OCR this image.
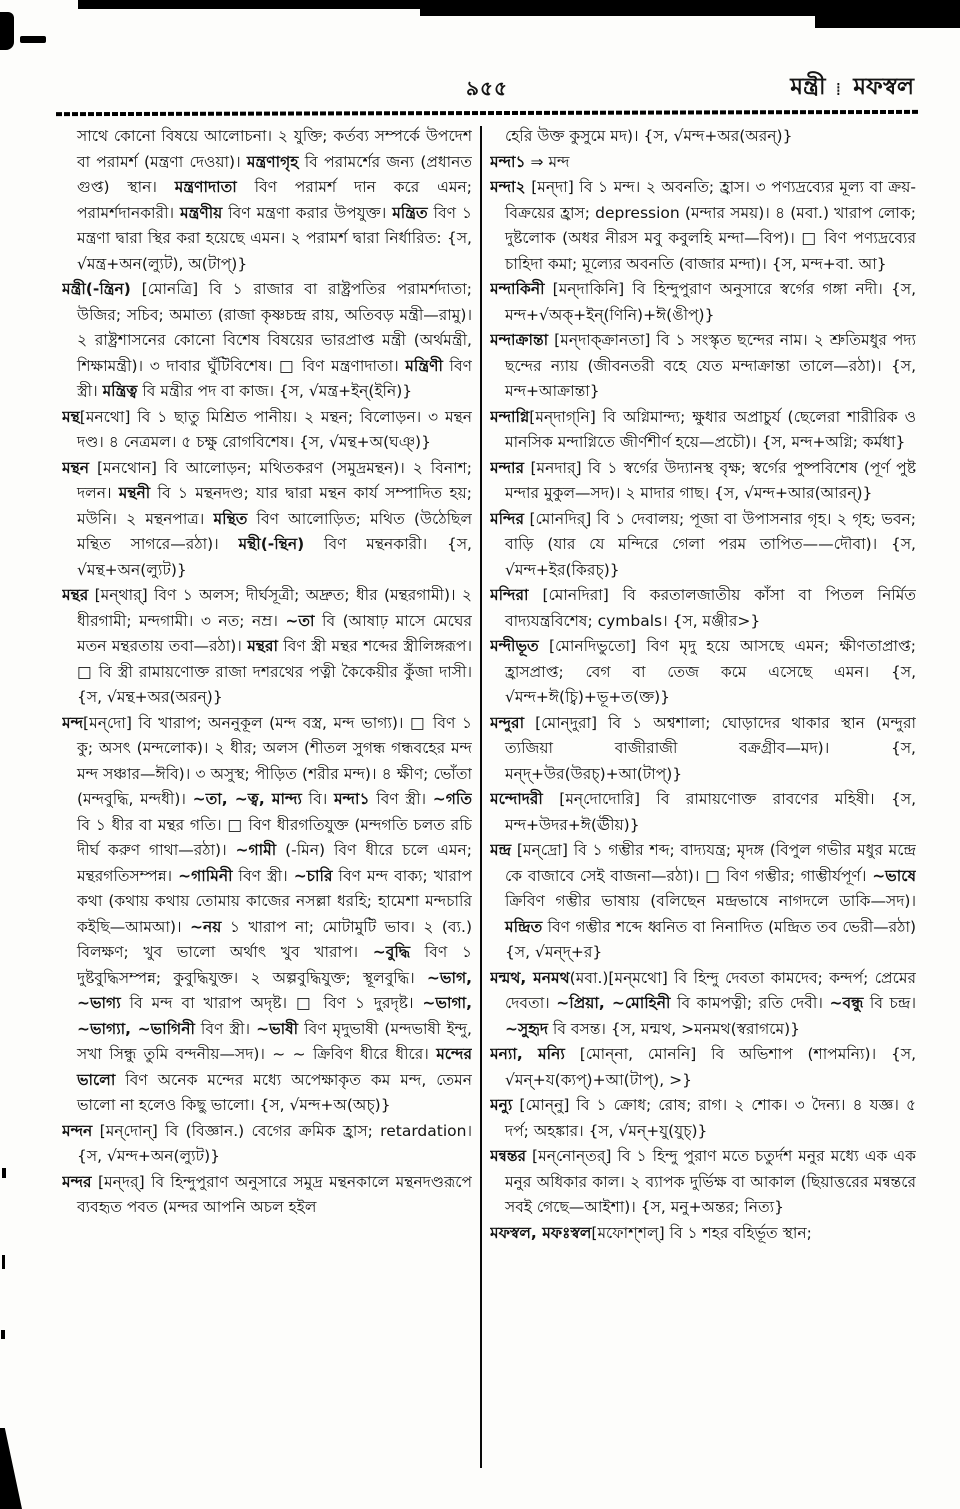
৯৫৫	মন্ত্রী ⁞ মফস্বল

সাথে কোনো বিষয়ে আলোচনা। ২ যুক্তি; কর্তব্য সম্পর্কে উপদেশ বা পরামর্শ (মন্ত্রণা দেওয়া)। মন্ত্রণাগৃহ বি পরামর্শের জন্য (প্রধানত গুপ্ত) স্থান। মন্ত্রণাদাতা বিণ পরামর্শ দান করে এমন; পরামর্শদানকারী। মন্ত্রণীয় বিণ মন্ত্রণা করার উপযুক্ত। মন্ত্রিত বিণ ১ মন্ত্রণা দ্বারা স্থির করা হয়েছে এমন। ২ পরামর্শ দ্বারা নির্ধারিত: {স, √মন্ত্র+অন(ল্যুট), অ(টাপ্)}

মন্ত্রী(-ন্ত্রিন) [মোনত্রি] বি ১ রাজার বা রাষ্ট্রপতির পরামর্শদাতা; উজির; সচিব; অমাত্য (রাজা কৃষ্ণচন্দ্র রায়, অতিবড় মন্ত্রী—রামু)। ২ রাষ্ট্রশাসনের কোনো বিশেষ বিষয়ের ভারপ্রাপ্ত মন্ত্রী (অর্থমন্ত্রী, শিক্ষামন্ত্রী)। ৩ দাবার ঘুঁটিবিশেষ। □ বিণ মন্ত্রণাদাতা। মন্ত্রিণী বিণ স্ত্রী। মন্ত্রিত্ব বি মন্ত্রীর পদ বা কাজ। {স, √মন্ত্র+ইন্(ইনি)}

মন্থ[মনথো] বি ১ ছাতু মিশ্রিত পানীয়। ২ মন্থন; বিলোড়ন। ৩ মন্থন দণ্ড। ৪ নেত্রমল। ৫ চক্ষু রোগবিশেষ। {স, √মন্থ+অ(ঘঞ্)}

মন্থন [মনথোন] বি আলোড়ন; মথিতকরণ (সমুদ্রমন্থন)। ২ বিনাশ; দলন। মন্থনী বি ১ মন্থনদণ্ড; যার দ্বারা মন্থন কার্য সম্পাদিত হয়; মউনি। ২ মন্থনপাত্র। মন্থিত বিণ আলোড়িত; মথিত (উঠেছিল মন্থিত সাগরে—রঠা)। মন্থী(-ন্থিন) বিণ মন্থনকারী। {স, √মন্থ+অন(ল্যুট)}

মন্থর [মন্‌থার্] বিণ ১ অলস; দীর্ঘসূত্রী; অদ্রুত; ধীর (মন্থরগামী)। ২ ধীরগামী; মন্দগামী। ৩ নত; নম্র। ~তা বি (আষাঢ় মাসে মেঘের মতন মন্থরতায় তবা—রঠা)। মন্থরা বিণ স্ত্রী মন্থর শব্দের স্ত্রীলিঙ্গরূপ। □ বি স্ত্রী রামায়ণোক্ত রাজা দশরথের পত্নী কৈকেয়ীর কুঁজা দাসী। {স, √মন্থ+অর(অরন্)}

মন্দ[মন্‌দো] বি খারাপ; অননুকূল (মন্দ বস্ত্র, মন্দ ভাগ্য)। □ বিণ ১ কু; অসৎ (মন্দলোক)। ২ ধীর; অলস (শীতল সুগন্ধ গন্ধবহের মন্দ মন্দ সঞ্চার—ঈবি)। ৩ অসুস্থ; পীড়িত (শরীর মন্দ)। ৪ ক্ষীণ; ভোঁতা (মন্দবুদ্ধি, মন্দধী)। ~তা, ~ত্ব, মান্দ্য বি। মন্দা১ বিণ স্ত্রী। ~গতি বি ১ ধীর বা মন্থর গতি। □ বিণ ধীরগতিযুক্ত (মন্দগতি চলত রচি দীর্ঘ করুণ গাথা—রঠা)। ~গামী (-মিন) বিণ ধীরে চলে এমন; মন্থরগতিসম্পন্ন। ~গামিনী বিণ স্ত্রী। ~চারি বিণ মন্দ বাক্য; খারাপ কথা (কথায় কথায় তোমায় কাজের নসল্লা ধরহি; হামেশা মন্দচারি কইছি—আমআ)। ~নয় ১ খারাপ না; মোটামুটি ভাব। ২ (ব্য.) বিলক্ষণ; খুব ভালো অর্থাৎ খুব খারাপ। ~বুদ্ধি বিণ ১ দুষ্টবুদ্ধিসম্পন্ন; কুবুদ্ধিযুক্ত। ২ অল্পবুদ্ধিযুক্ত; স্থূলবুদ্ধি। ~ভাগ, ~ভাগ্য বি মন্দ বা খারাপ অদৃষ্ট। □ বিণ ১ দুরদৃষ্ট। ~ভাগা, ~ভাগ্যা, ~ভাগিনী বিণ স্ত্রী। ~ভাষী বিণ মৃদুভাষী (মন্দভাষী ইন্দু, সখা সিন্ধু তুমি বন্দনীয়—সদ)। ~ ~ ক্রিবিণ ধীরে ধীরে। মন্দের ভালো বিণ অনেক মন্দের মধ্যে অপেক্ষাকৃত কম মন্দ, তেমন ভালো না হলেও কিছু ভালো। {স, √মন্দ+অ(অচ্)}

মন্দন [মন্‌দোন্] বি (বিজ্ঞান.) বেগের ক্রমিক হ্রাস; retardation। {স, √মন্দ+অন(ল্যুট)}

মন্দর [মন্‌দর্] বি হিন্দুপুরাণ অনুসারে সমুদ্র মন্থনকালে মন্থনদণ্ডরূপে ব্যবহৃত পবত (মন্দর আপনি অচল হইল

হেরি উক্ত কুসুমে মদ)। {স, √মন্দ+অর(অরন্)}

মন্দা১ ⇒ মন্দ

মন্দা২ [মন্‌দা] বি ১ মন্দ। ২ অবনতি; হ্রাস। ৩ পণ্যদ্রব্যের মূল্য বা ক্রয়-বিক্রয়ের হ্রাস; depression (মন্দার সময়)। ৪ (মবা.) খারাপ লোক; দুষ্টলোক (অধর নীরস মবু কবুলহি মন্দা—বিপ)। □ বিণ পণ্যদ্রব্যের চাহিদা কমা; মূল্যের অবনতি (বাজার মন্দা)। {স, মন্দ+বা. আ}

মন্দাকিনী [মন্‌দাকিনি] বি হিন্দুপুরাণ অনুসারে স্বর্গের গঙ্গা নদী। {স, মন্দ+√অক্+ইন্(ণিনি)+ঈ(ঙীপ্)}

মন্দাক্রান্তা [মন্‌দাক্‌ক্রানতা] বি ১ সংস্কৃত ছন্দের নাম। ২ শ্রুতিমধুর পদ্য ছন্দের ন্যায় (জীবনতরী বহে যেত মন্দাক্রান্তা তালে—রঠা)। {স, মন্দ+আক্রান্তা}

মন্দাগ্নি[মন্‌দাগ্‌নি] বি অগ্নিমান্দ্য; ক্ষুধার অপ্রাচুর্য (ছেলেরা শারীরিক ও মানসিক মন্দাগ্নিতে জীর্ণশীর্ণ হয়ে—প্রচৌ)। {স, মন্দ+অগ্নি; কর্মধা}

মন্দার [মনদার্] বি ১ স্বর্গের উদ্যানস্থ বৃক্ষ; স্বর্গের পুষ্পবিশেষ (পূর্ণ পুষ্ট মন্দার মুকুল—সদ)। ২ মাদার গাছ। {স, √মন্দ+আর(আরন্)}

মন্দির [মোনদির্] বি ১ দেবালয়; পূজা বা উপাসনার গৃহ। ২ গৃহ; ভবন; বাড়ি (যার যে মন্দিরে গেলা পরম তাপিত——দৌবা)। {স, √মন্দ+ইর(কিরচ্)}

মন্দিরা [মোনদিরা] বি করতালজাতীয় কাঁসা বা পিতল নির্মিত বাদ্যযন্ত্রবিশেষ; cymbals। {স, মঞ্জীর>}

মন্দীভূত [মোনদিভুতো] বিণ মৃদু হয়ে আসছে এমন; ক্ষীণতাপ্রাপ্ত; হ্রাসপ্রাপ্ত; বেগ বা তেজ কমে এসেছে এমন। {স, √মন্দ+ঈ(চ্বি)+ভূ+ত(ক্ত)}

মন্দুরা [মোন্‌দুরা] বি ১ অশ্বশালা; ঘোড়াদের থাকার স্থান (মন্দুরা ত্যজিয়া বাজীরাজী বক্রগ্রীব—মদ)। {স, মন্দ্+উর(উরচ্)+আ(টাপ্)}

মন্দোদরী [মন্‌দোদোরি] বি রামায়ণোক্ত রাবণের মহিষী। {স, মন্দ+উদর+ঈ(ঊীয়)}

মন্দ্র [মন্‌দ্রো] বি ১ গম্ভীর শব্দ; বাদ্যযন্ত্র; মৃদঙ্গ (বিপুল গভীর মধুর মন্দ্রে কে বাজাবে সেই বাজনা—রঠা)। □ বিণ গম্ভীর; গাম্ভীর্যপূর্ণ। ~ভাষে ক্রিবিণ গম্ভীর ভাষায় (বলিছেন মন্দ্রভাষে নাগদলে ডাকি—সদ)। মন্দ্রিত বিণ গম্ভীর শব্দে ধ্বনিত বা নিনাদিত (মন্দ্রিত তব ভেরী—রঠা) {স, √মন্দ্+র}

মন্মথ, মনমথ(মবা.)[মন্‌মথো] বি হিন্দু দেবতা কামদেব; কন্দর্প; প্রেমের দেবতা। ~প্রিয়া, ~মোহিনী বি কামপত্নী; রতি দেবী। ~বন্ধু বি চন্দ্র। ~সুহৃদ বি বসন্ত। {স, মন্মথ, >মনমথ(স্বরাগমে)}

মন্যা, মন্যি [মোন্‌না, মোননি] বি অভিশাপ (শাপমন্যি)। {স, √মন্+য(ক্যপ্)+আ(টাপ্), >}

মন্যু [মোন্‌নু] বি ১ ক্রোধ; রোষ; রাগ। ২ শোক। ৩ দৈন্য। ৪ যজ্ঞ। ৫ দর্প; অহঙ্কার। {স, √মন্+যু(যুচ্)}

মন্বন্তর [মন্‌নোন্‌তর্] বি ১ হিন্দু পুরাণ মতে চতুর্দশ মনুর মধ্যে এক এক মনুর অধিকার কাল। ২ ব্যাপক দুর্ভিক্ষ বা আকাল (ছিয়াত্তরের মন্বন্তরে সবই গেছে—আইশা)। {স, মনু+অন্তর; নিত্য}

মফস্বল, মফঃস্বল[মফোশ্‌শল্] বি ১ শহর বহির্ভূত স্থান;
